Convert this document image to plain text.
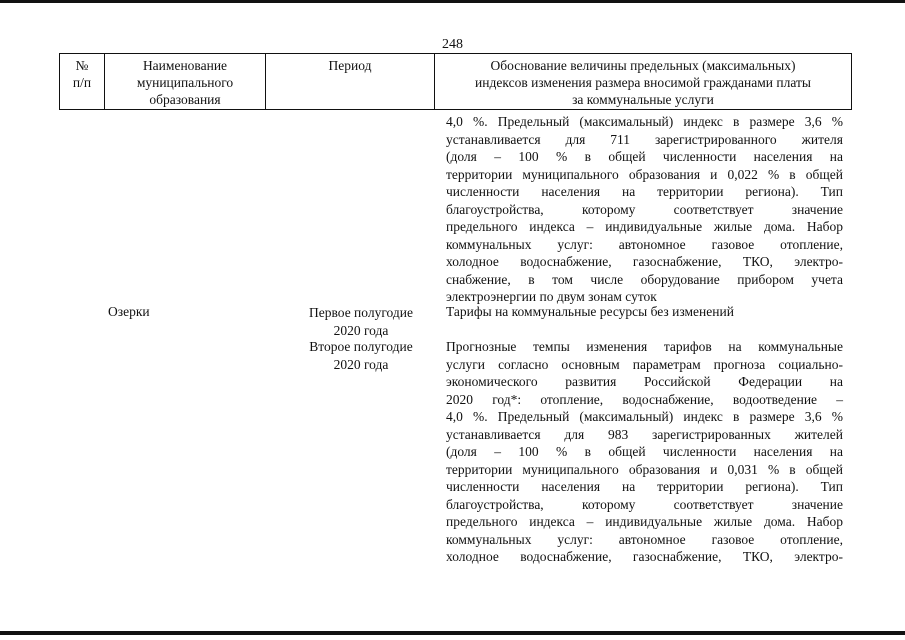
248
№
п/п
Наименование
муниципального
образования
Период	Обоснование величины предельных (максимальных)
индексов изменения размера вносимой гражданами платы
за коммунальные услуги
4,0 %. Предельный (максимальный) индекс в размере 3,6 %
устанавливается для 711 зарегистрированного жителя
(доля – 100 % в общей численности населения на
территории муниципального образования и 0,022 % в общей
численности населения на территории региона). Тип
благоустройства, которому соответствует значение
предельного индекса – индивидуальные жилые дома. Набор
коммунальных услуг: автономное газовое отопление,
холодное водоснабжение, газоснабжение, ТКО, электро-
снабжение, в том числе оборудование прибором учета
электроэнергии по двум зонам суток
Озерки	Первое полугодие
2020 года
Тарифы на коммунальные ресурсы без изменений
Второе полугодие
2020 года
Прогнозные темпы изменения тарифов на коммунальные
услуги согласно основным параметрам прогноза социально-
экономического развития Российской Федерации на
2020 год*: отопление, водоснабжение, водоотведение –
4,0 %. Предельный (максимальный) индекс в размере 3,6 %
устанавливается для 983 зарегистрированных жителей
(доля – 100 % в общей численности населения на
территории муниципального образования и 0,031 % в общей
численности населения на территории региона). Тип
благоустройства, которому соответствует значение
предельного индекса – индивидуальные жилые дома. Набор
коммунальных услуг: автономное газовое отопление,
холодное водоснабжение, газоснабжение, ТКО, электро-
